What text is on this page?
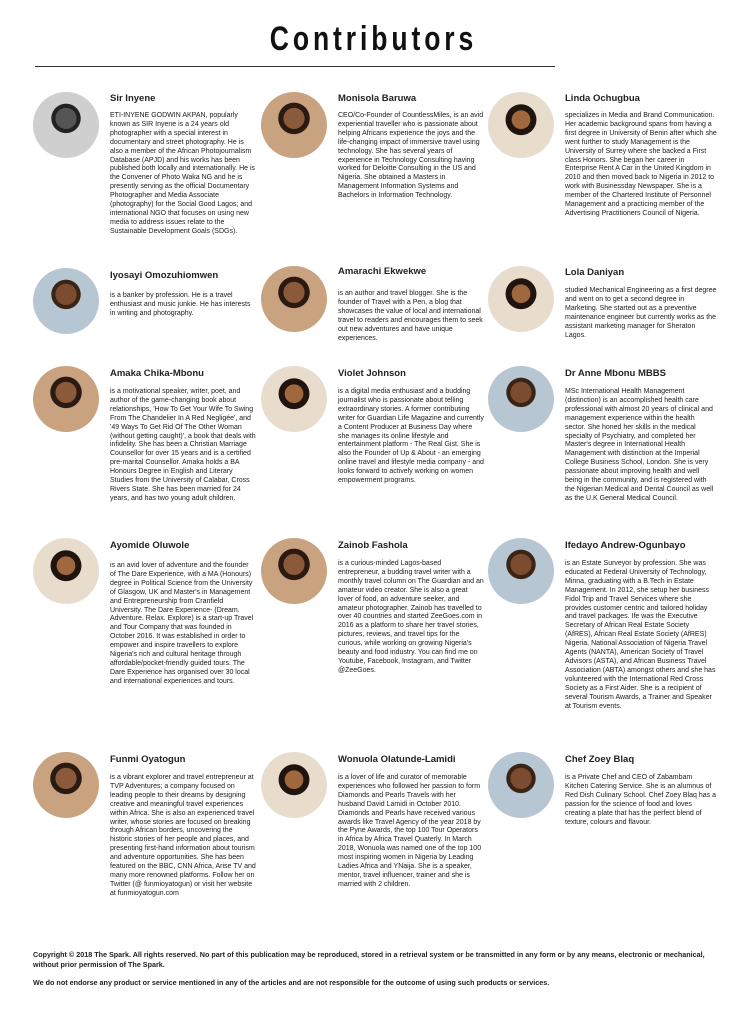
Contributors
Sir Inyene
ETI-INYENE GODWIN AKPAN, popularly known as SIR Inyene is a 24 years old photographer with a special interest in documentary and street photography. He is also a member of the African Photojournalism Database (APJD) and his works has been published both locally and internationally. He is the Convener of Photo Waka NG and he is presently serving as the official Documentary Photographer and Media Associate (photography) for the Social Good Lagos; and international NGO that focuses on using new media to address issues relate to the Sustainable Development Goals (SDGs).
Monisola Baruwa
CEO/Co-Founder of CountlessMiles, is an avid experiential traveller who is passionate about helping Africans experience the joys and the life-changing impact of immersive travel using technology. She has several years of experience in Technology Consulting having worked for Deloitte Consulting in the US and Nigeria. She obtained a Masters in Management Information Systems and Bachelors in Information Technology.
Linda Ochugbua
specializes in Media and Brand Communication. Her academic background spans from having a first degree in University of Benin after which she went further to study Management is the University of Surrey where she backed a First class Honors. She began her career in Enterprise Rent A Car in the United Kingdom in 2010 and then moved back to Nigeria in 2012 to work with Businessday Newspaper. She is a member of the Chartered Institute of Personnel Management and a practicing member of the Advertising Practitioners Council of Nigeria.
Iyosayi Omozuhiomwen
is a banker by profession. He is a travel enthusiast and music junkie. He has interests in writing and photography.
Amarachi Ekwekwe
is an author and travel blogger. She is the founder of Travel with a Pen, a blog that showcases the value of local and international travel to readers and encourages them to seek out new adventures and have unique experiences.
Lola Daniyan
studied Mechanical Engineering as a first degree and went on to get a second degree in Marketing. She started out as a preventive maintenance engineer but currently works as the assistant marketing manager for Sheraton Lagos.
Amaka Chika-Mbonu
is a motivational speaker, writer, poet, and author of the game-changing book about relationships, 'How To Get Your Wife To Swing From The Chandelier In A Red Negligée', and '49 Ways To Get Rid Of The Other Woman (without getting caught)', a book that deals with infidelity. She has been a Christian Marriage Counsellor for over 15 years and is a certified pre-marital Counsellor. Amaka holds a BA Honours Degree in English and Literary Studies from the University of Calabar, Cross Rivers State. She has been married for 24 years, and has two young adult children.
Violet Johnson
is a digital media enthusiast and a budding journalist who is passionate about telling extraordinary stories. A former contributing writer for Guardian Life Magazine and currently a Content Producer at Business Day where she manages its online lifestyle and entertainment platform - The Real Gist. She is also the Founder of Up & About - an emerging online travel and lifestyle media company - and looks forward to actively working on women empowerment programs.
Dr Anne Mbonu MBBS
MSc International Health Management (distinction) is an accomplished health care professional with almost 20 years of clinical and management experience within the health sector. She honed her skills in the medical specialty of Psychiatry, and completed her Master's degree in International Health Management with distinction at the Imperial College Business School, London. She is very passionate about improving health and well being in the community, and is registered with the Nigerian Medical and Dental Council as well as the U.K General Medical Council.
Ayomide Oluwole
is an avid lover of adventure and the founder of The Dare Experience, with a MA (Honours) degree in Political Science from the University of Glasgow, UK and Master's in Management and Entrepreneurship from Cranfield University. The Dare Experience- (Dream. Adventure. Relax. Explore) is a start-up Travel and Tour Company that was founded in October 2016. It was established in order to empower and inspire travellers to explore Nigeria's rich and cultural heritage through affordable/pocket-friendly guided tours. The Dare Experience has organised over 30 local and international experiences and tours.
Zainob Fashola
is a curious-minded Lagos-based entrepreneur, a budding travel writer with a monthly travel column on The Guardian and an amateur video creator. She is also a great lover of food, an adventure seeker, and amateur photographer. Zainob has travelled to over 40 countries and started ZeeGoes.com in 2016 as a platform to share her travel stories, pictures, reviews, and travel tips for the curious, while working on growing Nigeria's beauty and food industry. You can find me on Youtube, Facebook, Instagram, and Twitter @ZeeGoes.
Ifedayo Andrew-Ogunbayo
is an Estate Surveyor by profession. She was educated at Federal University of Technology, Minna, graduating with a B.Tech in Estate Management. In 2012, she setup her business Fidol Trip and Travel Services where she provides customer centric and tailored holiday and travel packages. Ife was the Executive Secretary of African Real Estate Society (AfRES), African Real Estate Society (AfRES) Nigeria, National Association of Nigeria Travel Agents (NANTA), American Society of Travel Advisors (ASTA), and African Business Travel Association (ABTA) amongst others and she has volunteered with the International Red Cross Society as a First Aider. She is a recipient of several Tourism Awards, a Trainer and Speaker at Tourism events.
Funmi Oyatogun
is a vibrant explorer and travel entrepreneur at TVP Adventures; a company focused on leading people to their dreams by designing creative and meaningful travel experiences within Africa. She is also an experienced travel writer, whose stories are focused on breaking through African borders, uncovering the historic stories of her people and places, and presenting first-hand information about tourism and adventure opportunities. She has been featured on the BBC, CNN Africa, Arise TV and many more renowned platforms. Follow her on Twitter (@ funmioyatogun) or visit her website at funmioyatogun.com
Wonuola Olatunde-Lamidi
is a lover of life and curator of memorable experiences who followed her passion to form Diamonds and Pearls Travels with her husband David Lamidi in October 2010. Diamonds and Pearls have received various awards like Travel Agency of the year 2018 by the Pyne Awards, the top 100 Tour Operators in Africa by Africa Travel Quaterly. In March 2018, Wonuola was named one of the top 100 most inspiring women in Nigeria by Leading Ladies Africa and YNaija. She is a speaker, mentor, travel influencer, trainer and she is married with 2 children.
Chef Zoey Blaq
is a Private Chef and CEO of Zabambam Kitchen Catering Service. She is an alumnus of Red Dish Culinary School. Chef Zoey Blaq has a passion for the science of food and loves creating a plate that has the perfect blend of texture, colours and flavour.
Copyright © 2018 The Spark. All rights reserved. No part of this publication may be reproduced, stored in a retrieval system or be transmitted in any form or by any means, electronic or mechanical, without prior permission of The Spark.
We do not endorse any product or service mentioned in any of the articles and are not responsible for the outcome of using such products or services.
